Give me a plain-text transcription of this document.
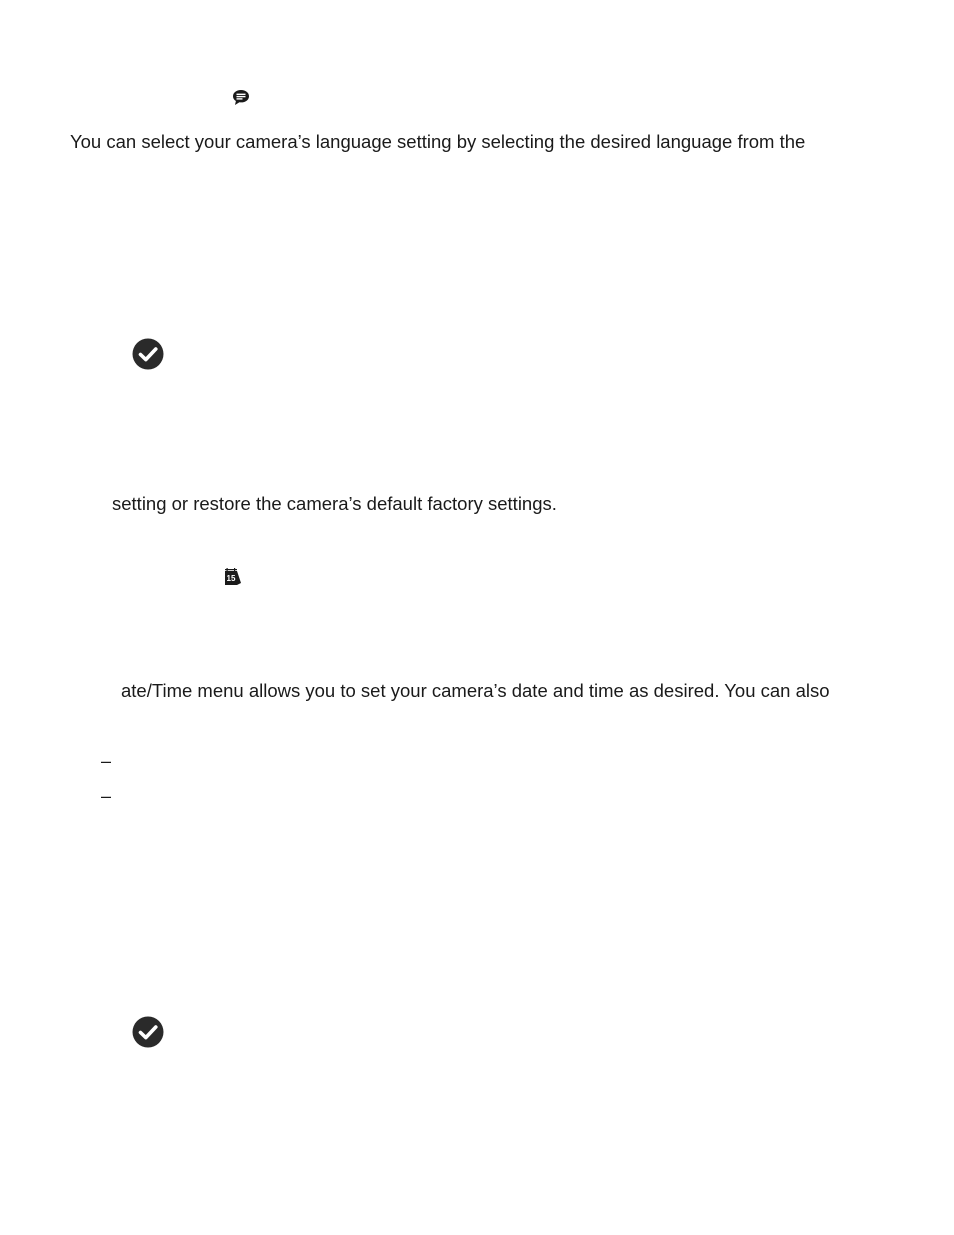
You can select your camera’s language setting by selecting the desired language from the

setting or restore the camera’s default factory settings.

15

ate/Time menu allows you to set your camera’s date and time as desired. You can also

–
–
